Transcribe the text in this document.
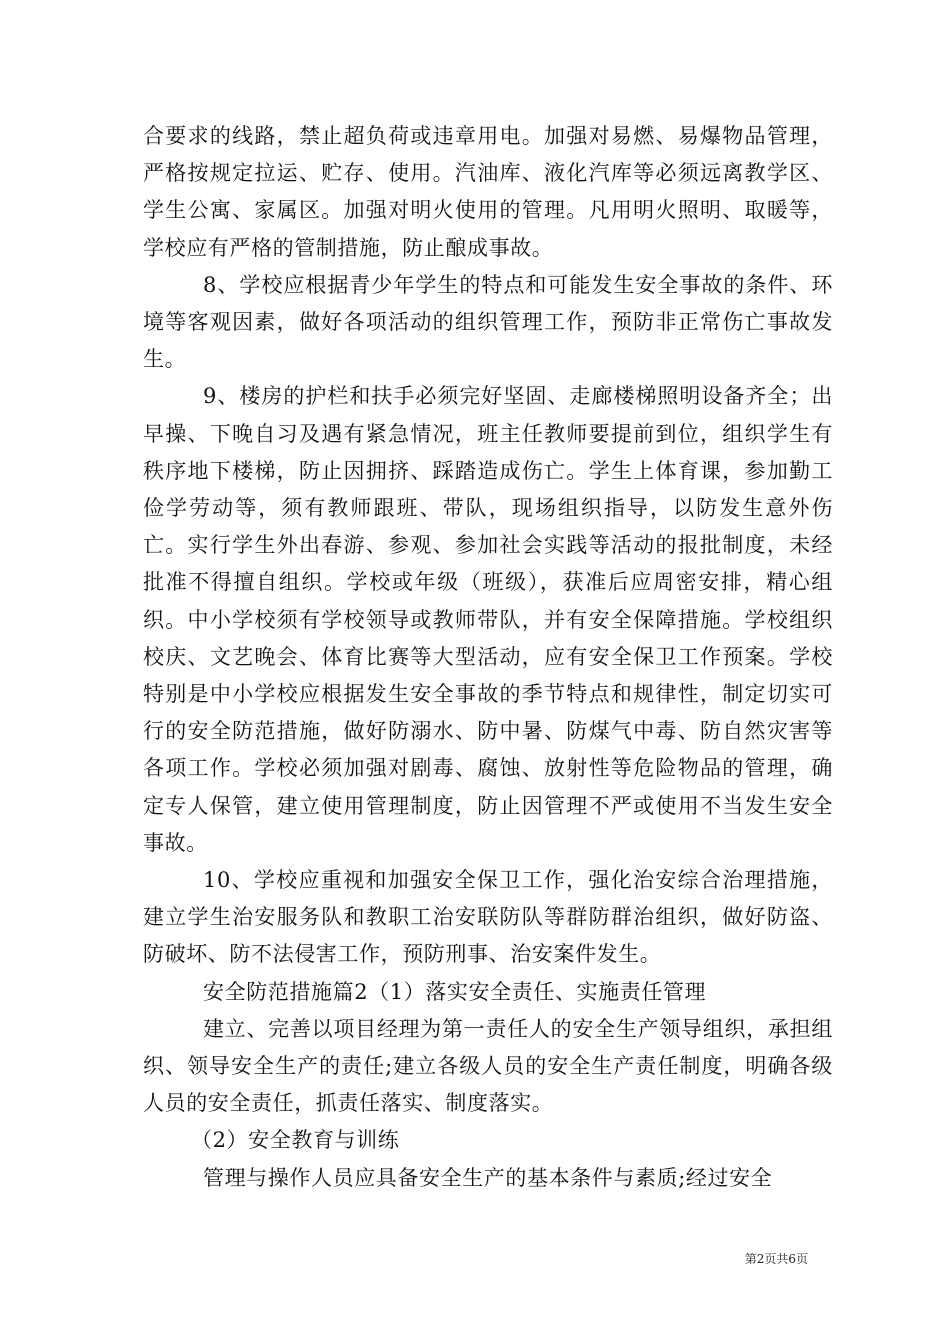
合要求的线路，禁止超负荷或违章用电。加强对易燃、易爆物品管理，严格按规定拉运、贮存、使用。汽油库、液化汽库等必须远离教学区、学生公寓、家属区。加强对明火使用的管理。凡用明火照明、取暖等，学校应有严格的管制措施，防止酿成事故。

8、学校应根据青少年学生的特点和可能发生安全事故的条件、环境等客观因素，做好各项活动的组织管理工作，预防非正常伤亡事故发生。

9、楼房的护栏和扶手必须完好坚固、走廊楼梯照明设备齐全；出早操、下晚自习及遇有紧急情况，班主任教师要提前到位，组织学生有秩序地下楼梯，防止因拥挤、踩踏造成伤亡。学生上体育课，参加勤工俭学劳动等，须有教师跟班、带队，现场组织指导，以防发生意外伤亡。实行学生外出春游、参观、参加社会实践等活动的报批制度，未经批准不得擅自组织。学校或年级（班级），获准后应周密安排，精心组织。中小学校须有学校领导或教师带队，并有安全保障措施。学校组织校庆、文艺晚会、体育比赛等大型活动，应有安全保卫工作预案。学校特别是中小学校应根据发生安全事故的季节特点和规律性，制定切实可行的安全防范措施，做好防溺水、防中暑、防煤气中毒、防自然灾害等各项工作。学校必须加强对剧毒、腐蚀、放射性等危险物品的管理，确定专人保管，建立使用管理制度，防止因管理不严或使用不当发生安全事故。

10、学校应重视和加强安全保卫工作，强化治安综合治理措施，建立学生治安服务队和教职工治安联防队等群防群治组织，做好防盗、防破坏、防不法侵害工作，预防刑事、治安案件发生。

安全防范措施篇2（1）落实安全责任、实施责任管理

建立、完善以项目经理为第一责任人的安全生产领导组织，承担组织、领导安全生产的责任;建立各级人员的安全生产责任制度，明确各级人员的安全责任，抓责任落实、制度落实。

（2）安全教育与训练

管理与操作人员应具备安全生产的基本条件与素质;经过安全

第2页共6页
